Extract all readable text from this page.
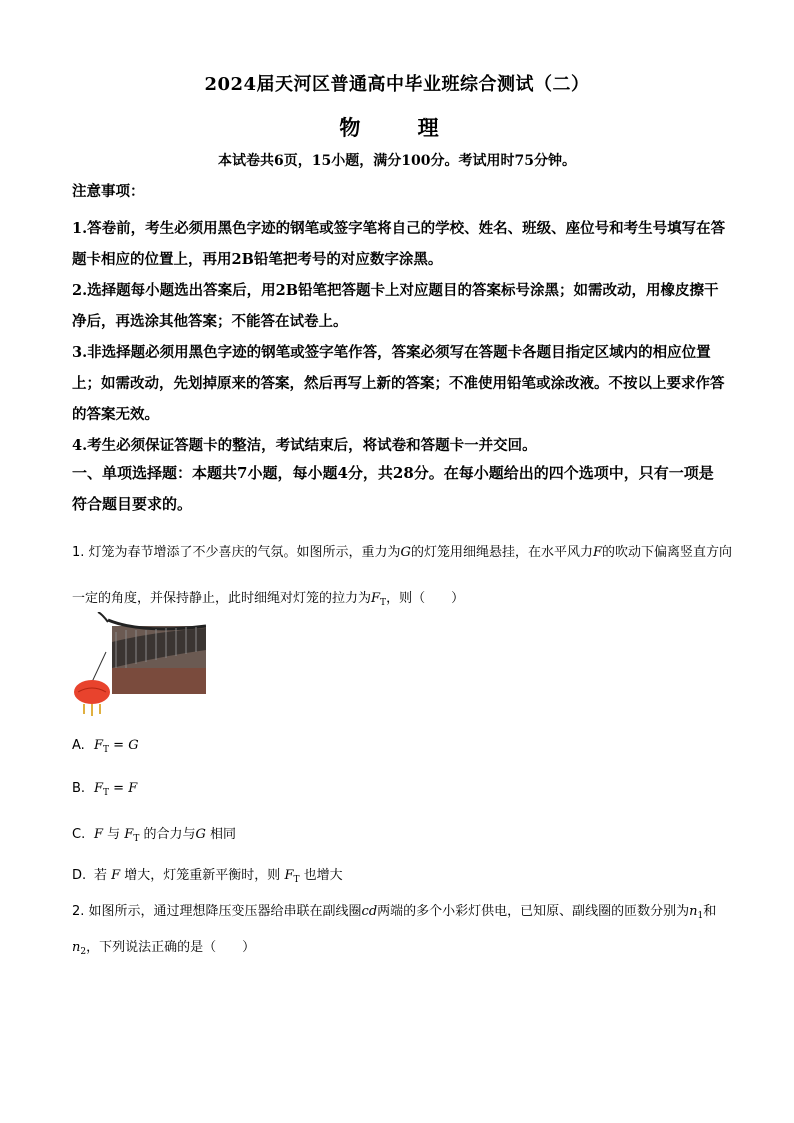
2024届天河区普通高中毕业班综合测试（二）
物 理
本试卷共6页，15小题，满分100分。考试用时75分钟。
注意事项：

1.答卷前，考生必须用黑色字迹的钢笔或签字笔将自己的学校、姓名、班级、座位号和考生号填写在答题卡相应的位置上，再用2B铅笔把考号的对应数字涂黑。

2.选择题每小题选出答案后，用2B铅笔把答题卡上对应题目的答案标号涂黑；如需改动，用橡皮擦干净后，再选涂其他答案；不能答在试卷上。

3.非选择题必须用黑色字迹的钢笔或签字笔作答，答案必须写在答题卡各题目指定区域内的相应位置上；如需改动，先划掉原来的答案，然后再写上新的答案；不准使用铅笔或涂改液。不按以上要求作答的答案无效。

4.考生必须保证答题卡的整洁，考试结束后，将试卷和答题卡一并交回。

一、单项选择题：本题共7小题，每小题4分，共28分。在每小题给出的四个选项中，只有一项是符合题目要求的。
1. 灯笼为春节增添了不少喜庆的气氛。如图所示，重力为G的灯笼用细绳悬挂，在水平风力F的吹动下偏离竖直方向一定的角度，并保持静止，此时细绳对灯笼的拉力为$F_T$，则（　　）
A. $F_T = G$
B. $F_T = F$
C. F 与 $F_T$ 的合力与G 相同
D. 若 F 增大，灯笼重新平衡时，则 $F_T$ 也增大
2. 如图所示，通过理想降压变压器给串联在副线圈cd两端的多个小彩灯供电，已知原、副线圈的匝数分别为$n_1$和$n_2$，下列说法正确的是（　　）
